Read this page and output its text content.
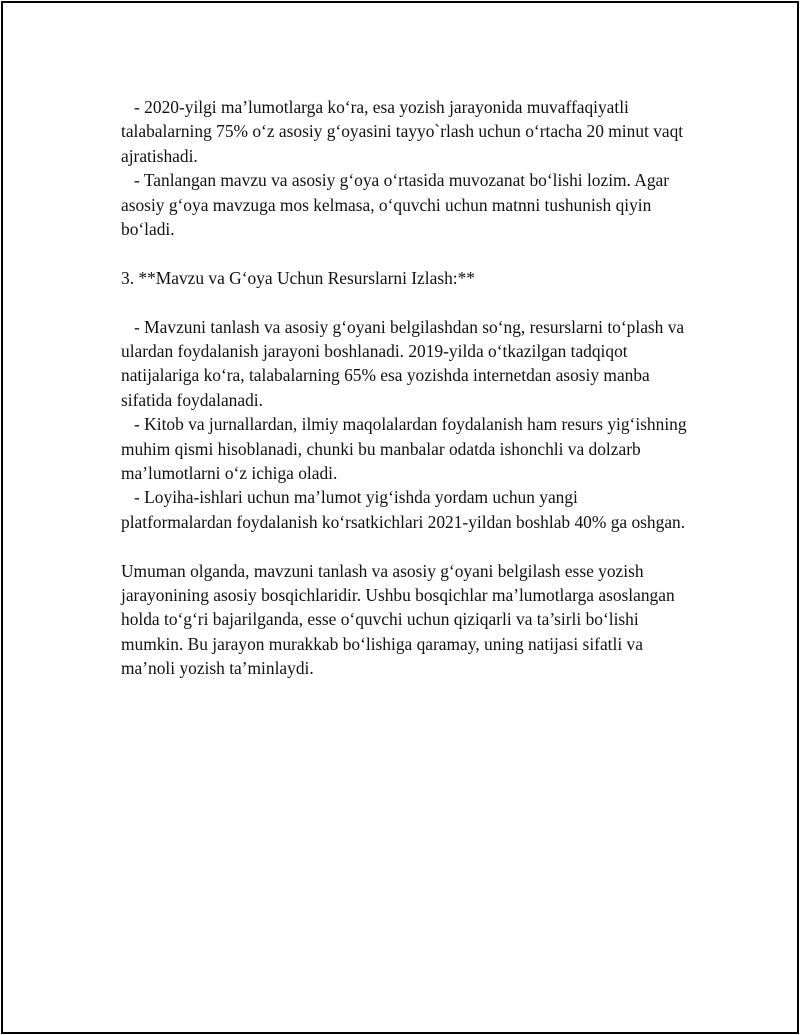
- 2020-yilgi ma’lumotlarga ko‘ra, esa yozish jarayonida muvaffaqiyatli talabalarning 75% o‘z asosiy g‘oyasini tayyo`rlash uchun o‘rtacha 20 minut vaqt ajratishadi.

- Tanlangan mavzu va asosiy g‘oya o‘rtasida muvozanat bo‘lishi lozim. Agar asosiy g‘oya mavzuga mos kelmasa, o‘quvchi uchun matnni tushunish qiyin bo‘ladi.

3. **Mavzu va G‘oya Uchun Resurslarni Izlash:**

- Mavzuni tanlash va asosiy g‘oyani belgilashdan so‘ng, resurslarni to‘plash va ulardan foydalanish jarayoni boshlanadi. 2019-yilda o‘tkazilgan tadqiqot natijalariga ko‘ra, talabalarning 65% esa yozishda internetdan asosiy manba sifatida foydalanadi.

- Kitob va jurnallardan, ilmiy maqolalardan foydalanish ham resurs yig‘ishning muhim qismi hisoblanadi, chunki bu manbalar odatda ishonchli va dolzarb ma’lumotlarni o‘z ichiga oladi.

- Loyiha-ishlari uchun ma’lumot yig‘ishda yordam uchun yangi platformalardan foydalanish ko‘rsatkichlari 2021-yildan boshlab 40% ga oshgan.

Umuman olganda, mavzuni tanlash va asosiy g‘oyani belgilash esse yozish jarayonining asosiy bosqichlaridir. Ushbu bosqichlar ma’lumotlarga asoslangan holda to‘g‘ri bajarilganda, esse o‘quvchi uchun qiziqarli va ta’sirli bo‘lishi mumkin. Bu jarayon murakkab bo‘lishiga qaramay, uning natijasi sifatli va ma’noli yozish ta’minlaydi.
